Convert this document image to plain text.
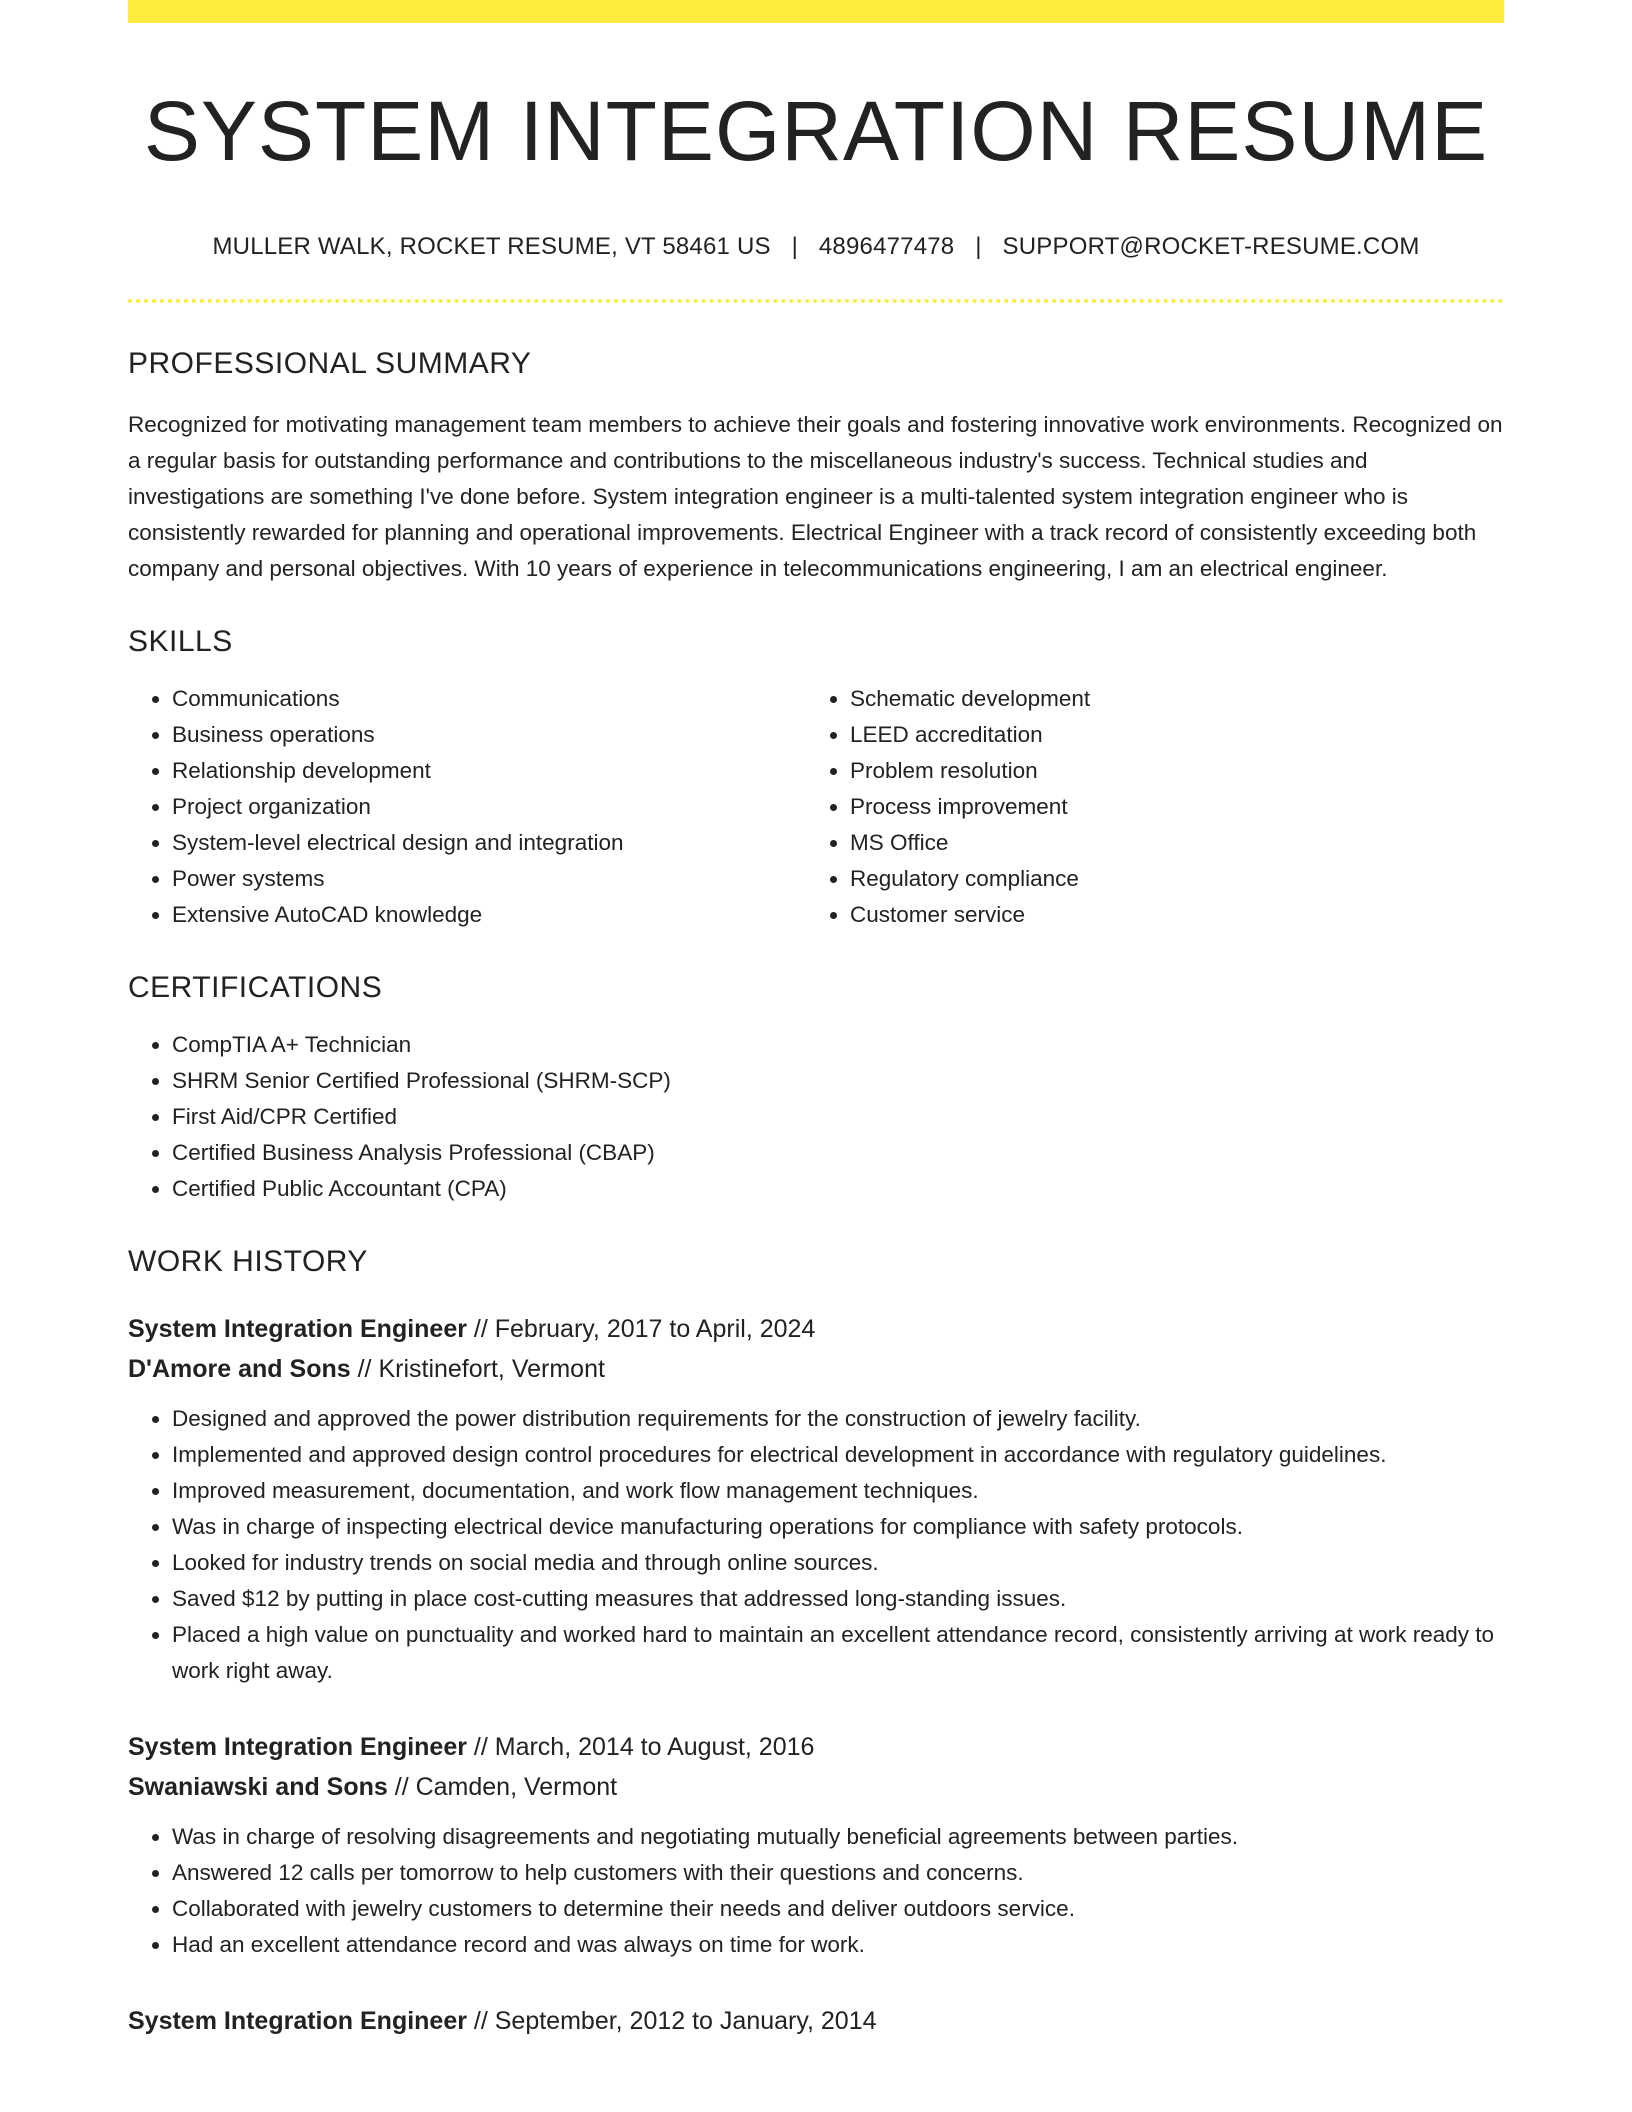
SYSTEM INTEGRATION RESUME
MULLER WALK, ROCKET RESUME, VT 58461 US | 4896477478 | SUPPORT@ROCKET-RESUME.COM
PROFESSIONAL SUMMARY

Recognized for motivating management team members to achieve their goals and fostering innovative work environments. Recognized on a regular basis for outstanding performance and contributions to the miscellaneous industry's success. Technical studies and investigations are something I've done before. System integration engineer is a multi-talented system integration engineer who is consistently rewarded for planning and operational improvements. Electrical Engineer with a track record of consistently exceeding both company and personal objectives. With 10 years of experience in telecommunications engineering, I am an electrical engineer.

SKILLS
• Communications
• Business operations
• Relationship development
• Project organization
• System-level electrical design and integration
• Power systems
• Extensive AutoCAD knowledge
• Schematic development
• LEED accreditation
• Problem resolution
• Process improvement
• MS Office
• Regulatory compliance
• Customer service
CERTIFICATIONS
• CompTIA A+ Technician
• SHRM Senior Certified Professional (SHRM-SCP)
• First Aid/CPR Certified
• Certified Business Analysis Professional (CBAP)
• Certified Public Accountant (CPA)
WORK HISTORY
System Integration Engineer // February, 2017 to April, 2024
D'Amore and Sons // Kristinefort, Vermont
• Designed and approved the power distribution requirements for the construction of jewelry facility.
• Implemented and approved design control procedures for electrical development in accordance with regulatory guidelines.
• Improved measurement, documentation, and work flow management techniques.
• Was in charge of inspecting electrical device manufacturing operations for compliance with safety protocols.
• Looked for industry trends on social media and through online sources.
• Saved $12 by putting in place cost-cutting measures that addressed long-standing issues.
• Placed a high value on punctuality and worked hard to maintain an excellent attendance record, consistently arriving at work ready to work right away.
System Integration Engineer // March, 2014 to August, 2016
Swaniawski and Sons // Camden, Vermont
• Was in charge of resolving disagreements and negotiating mutually beneficial agreements between parties.
• Answered 12 calls per tomorrow to help customers with their questions and concerns.
• Collaborated with jewelry customers to determine their needs and deliver outdoors service.
• Had an excellent attendance record and was always on time for work.
System Integration Engineer // September, 2012 to January, 2014
